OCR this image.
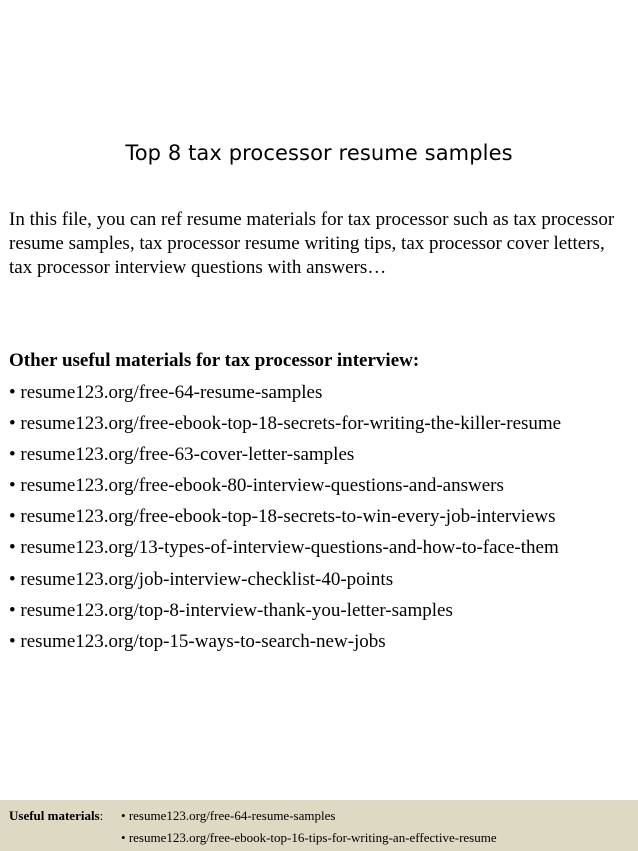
Top 8 tax processor resume samples

In this file, you can ref resume materials for tax processor such as tax processor resume samples, tax processor resume writing tips, tax processor cover letters, tax processor interview questions with answers…

Other useful materials for tax processor interview:

• resume123.org/free-64-resume-samples
• resume123.org/free-ebook-top-18-secrets-for-writing-the-killer-resume
• resume123.org/free-63-cover-letter-samples
• resume123.org/free-ebook-80-interview-questions-and-answers
• resume123.org/free-ebook-top-18-secrets-to-win-every-job-interviews
• resume123.org/13-types-of-interview-questions-and-how-to-face-them
• resume123.org/job-interview-checklist-40-points
• resume123.org/top-8-interview-thank-you-letter-samples
• resume123.org/top-15-ways-to-search-new-jobs
Useful materials: • resume123.org/free-64-resume-samples
• resume123.org/free-ebook-top-16-tips-for-writing-an-effective-resume
